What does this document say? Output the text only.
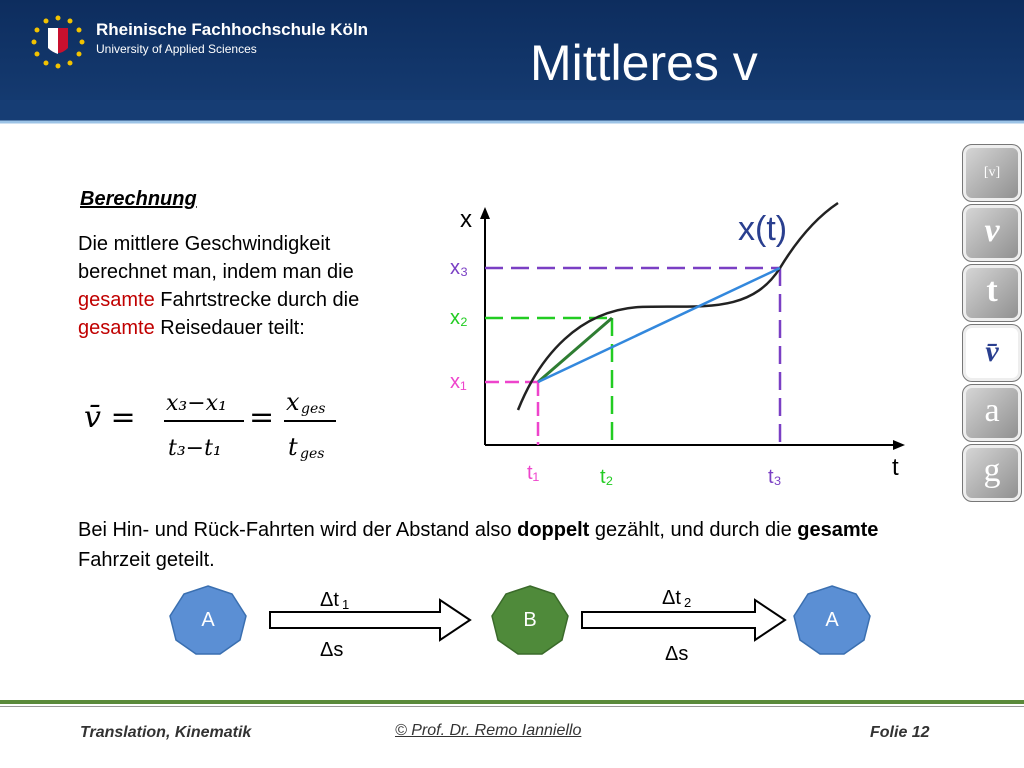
Rheinische Fachhochschule Köln
University of Applied Sciences	Mittleres v
Berechnung
Die mittlere Geschwindigkeit berechnet man, indem man die gesamte Fahrtstrecke durch die gesamte Reisedauer teilt:
v̄ = x₃−x₁
t₃−t₁
= x ges
t ges
x
t
x(t)
x₃
x₂
x₁
t₁	t₂	t₃
[v]
v
t
v̄
a
g
Bei Hin- und Rück-Fahrten wird der Abstand also doppelt gezählt, und durch die gesamte Fahrzeit geteilt.
A
Δt 1
Δs
B
Δt 2
Δs
A
Translation, Kinematik	© Prof. Dr. Remo Ianniello	Folie 12
